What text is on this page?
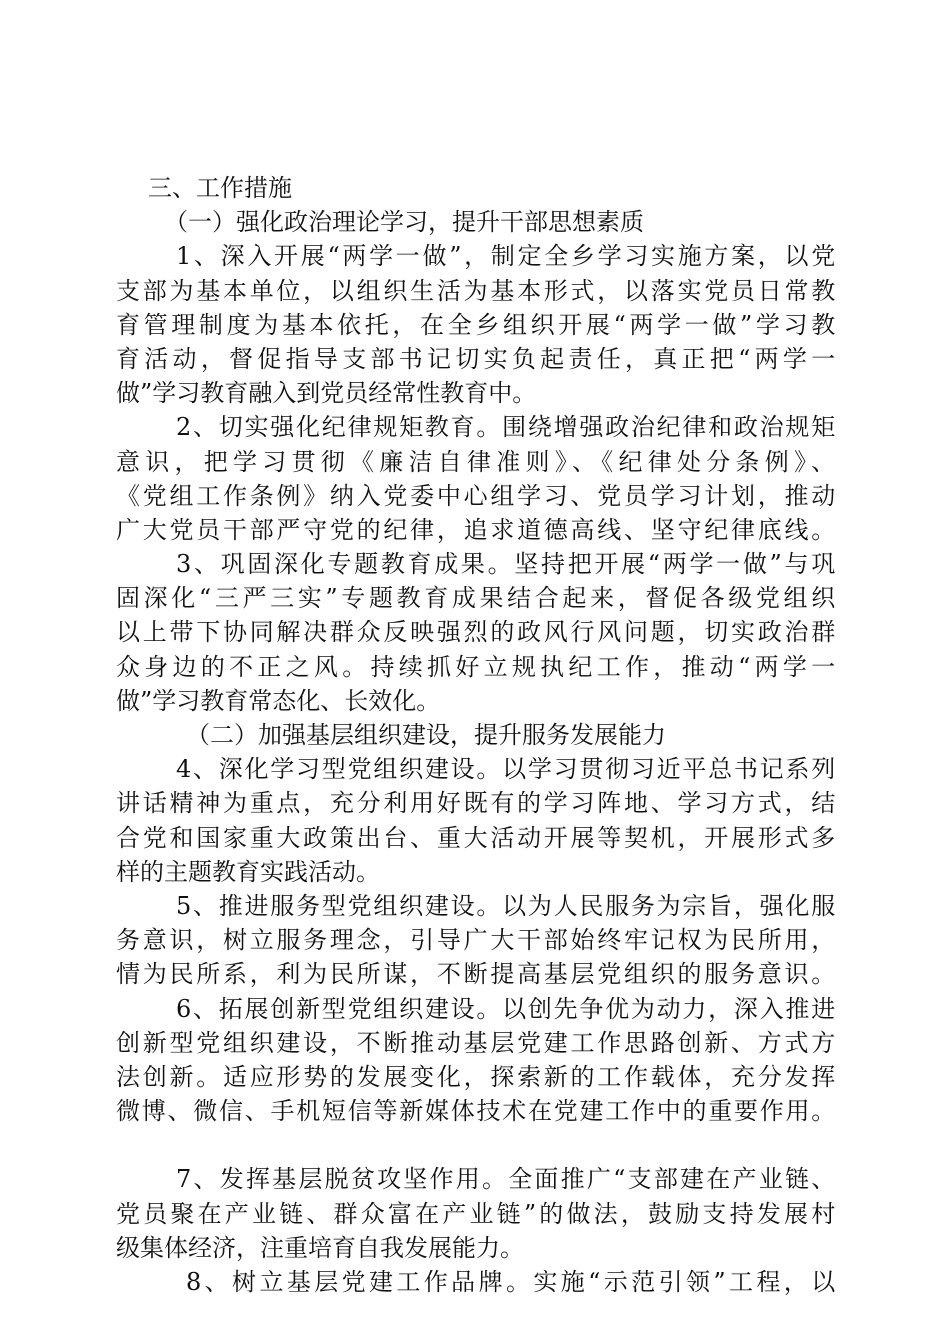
三、工作措施
（一）强化政治理论学习，提升干部思想素质
1、深入开展“两学一做”，制定全乡学习实施方案，以党
支部为基本单位，以组织生活为基本形式，以落实党员日常教
育管理制度为基本依托，在全乡组织开展“两学一做”学习教
育活动，督促指导支部书记切实负起责任，真正把“两学一
做”学习教育融入到党员经常性教育中。
2、切实强化纪律规矩教育。围绕增强政治纪律和政治规矩
意识，把学习贯彻《廉洁自律准则》、《纪律处分条例》、
《党组工作条例》纳入党委中心组学习、党员学习计划，推动
广大党员干部严守党的纪律，追求道德高线、坚守纪律底线。
3、巩固深化专题教育成果。坚持把开展“两学一做”与巩
固深化“三严三实”专题教育成果结合起来，督促各级党组织
以上带下协同解决群众反映强烈的政风行风问题，切实政治群
众身边的不正之风。持续抓好立规执纪工作，推动“两学一
做”学习教育常态化、长效化。
（二）加强基层组织建设，提升服务发展能力
4、深化学习型党组织建设。以学习贯彻习近平总书记系列
讲话精神为重点，充分利用好既有的学习阵地、学习方式，结
合党和国家重大政策出台、重大活动开展等契机，开展形式多
样的主题教育实践活动。
5、推进服务型党组织建设。以为人民服务为宗旨，强化服
务意识，树立服务理念，引导广大干部始终牢记权为民所用，
情为民所系，利为民所谋，不断提高基层党组织的服务意识。
6、拓展创新型党组织建设。以创先争优为动力，深入推进
创新型党组织建设，不断推动基层党建工作思路创新、方式方
法创新。适应形势的发展变化，探索新的工作载体，充分发挥
微博、微信、手机短信等新媒体技术在党建工作中的重要作用。
7、发挥基层脱贫攻坚作用。全面推广“支部建在产业链、
党员聚在产业链、群众富在产业链”的做法，鼓励支持发展村
级集体经济，注重培育自我发展能力。
8、树立基层党建工作品牌。实施“示范引领”工程，以
